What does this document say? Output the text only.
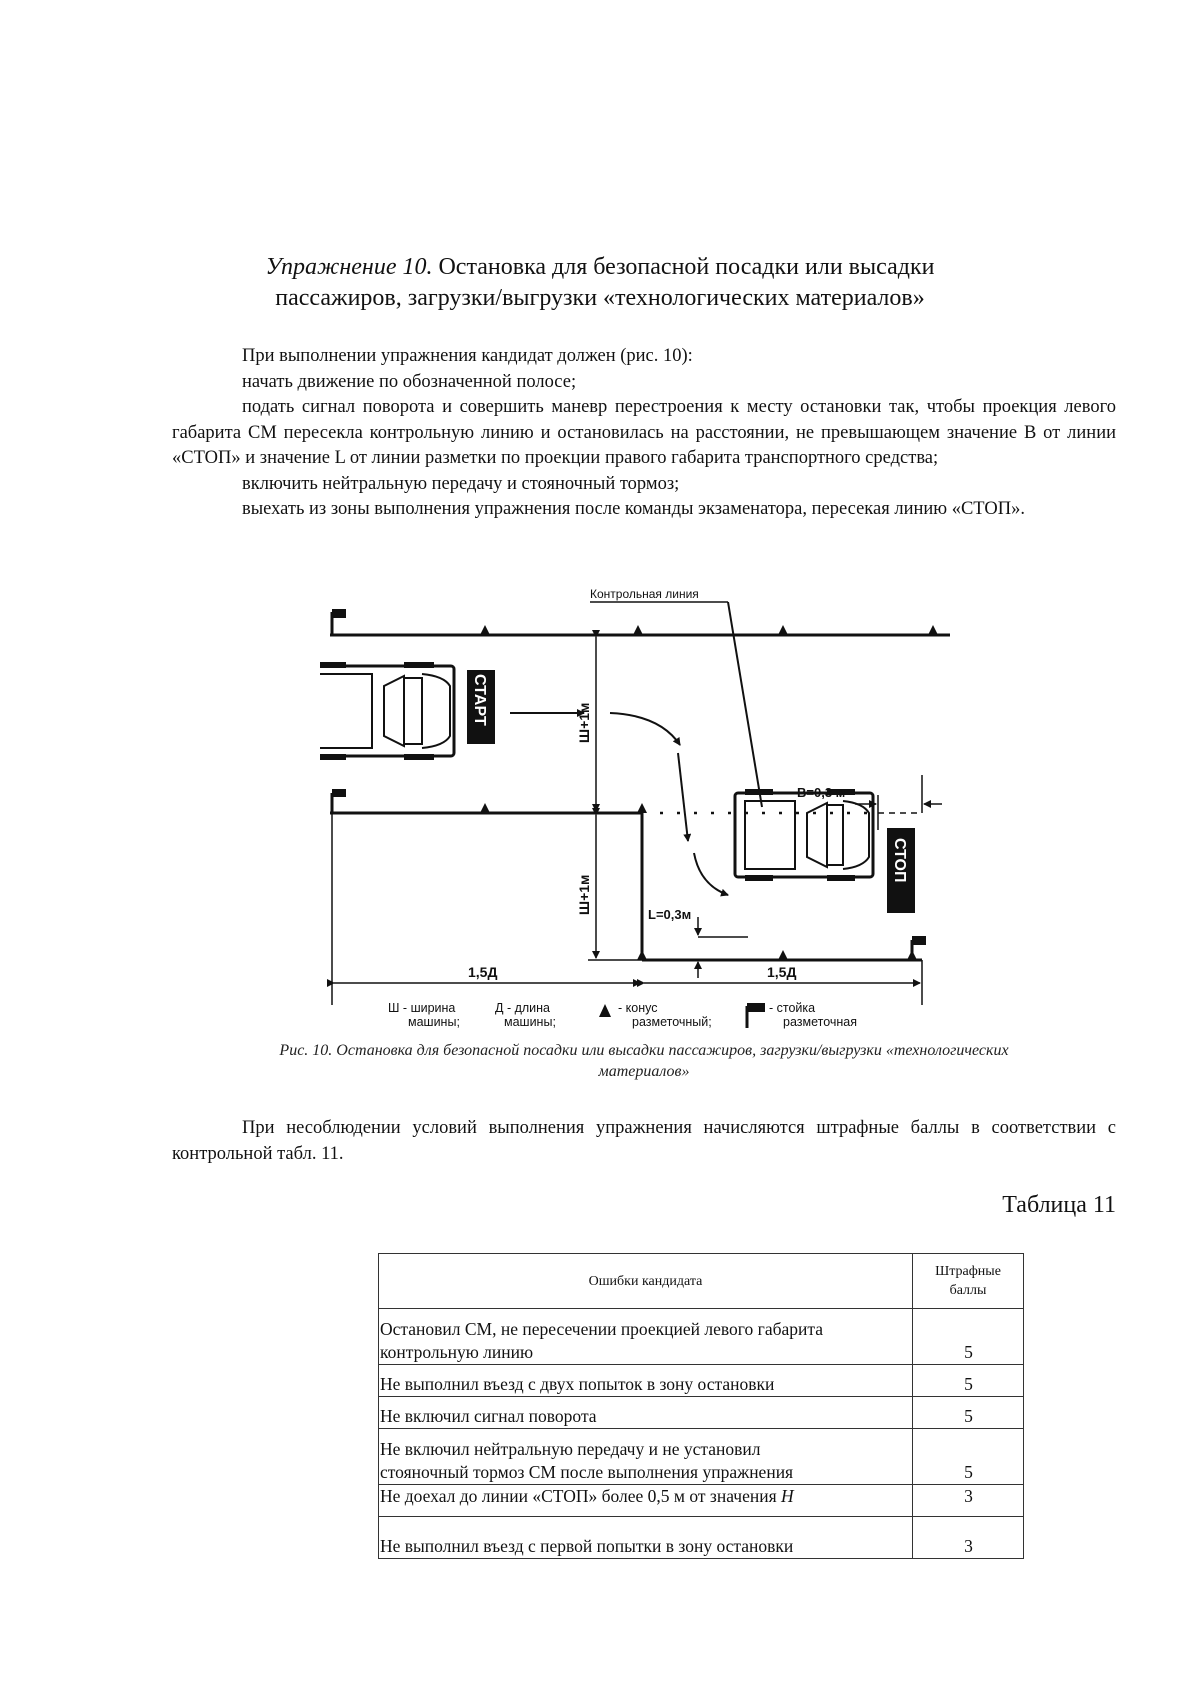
Упражнение 10. Остановка для безопасной посадки или высадки
пассажиров, загрузки/выгрузки «технологических материалов»

При выполнении упражнения кандидат должен (рис. 10):

начать движение по обозначенной полосе;

подать сигнал поворота и совершить маневр перестроения к месту остановки так, чтобы проекция левого габарита СМ пересекла контрольную линию и остановилась на расстоянии, не превышающем значение В от линии «СТОП» и значение L от линии разметки по проекции правого габарита транспортного средства;

включить нейтральную передачу и стояночный тормоз;

выехать из зоны выполнения упражнения после команды экзаменатора, пересекая линию «СТОП».

Контрольная линия
СТАРТ
СТОП
В=0,3 м
L=0,3м
Ш+1м
Ш+1м
1,5Д	1,5Д
Ш - ширина
машины;
Д - длина
машины;
- конус
разметочный;
- стойка
разметочная
Рис. 10. Остановка для безопасной посадки или высадки пассажиров, загрузки/выгрузки «технологических
материалов»

При несоблюдении условий выполнения упражнения начисляются штрафные баллы в соответствии с контрольной табл. 11.

Таблица 11
Ошибки кандидата	Штрафные
баллы
Остановил СМ, не пересечении проекцией левого габарита
контрольную линию	5
Не выполнил въезд с двух попыток в зону остановки	5
Не включил сигнал поворота	5
Не включил нейтральную передачу и не установил
стояночный тормоз СМ после выполнения упражнения	5
Не доехал до линии «СТОП» более 0,5 м от значения Н	3
Не выполнил въезд с первой попытки в зону остановки	3
